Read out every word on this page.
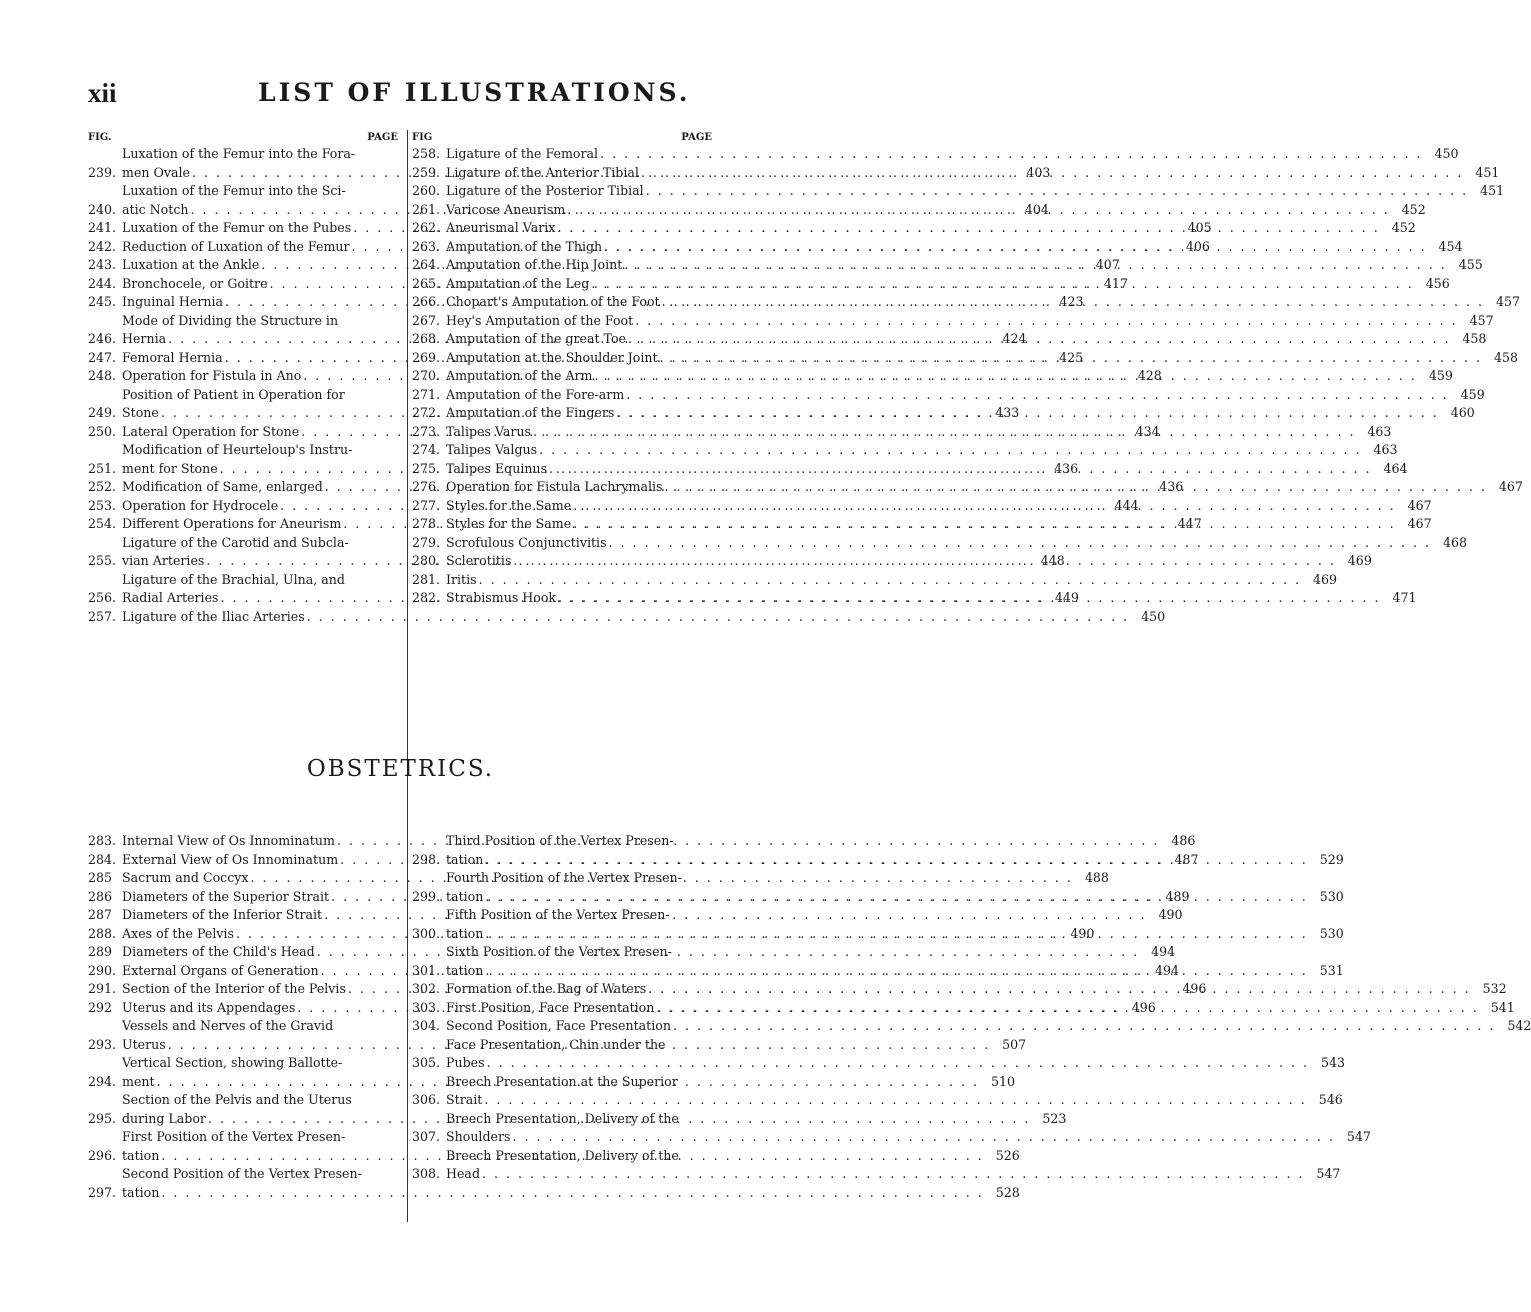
xii	LIST OF ILLUSTRATIONS.
FIG.	PAGE
239.
Luxation of the Femur into the Fora-
men Ovale . . .	403
240.
Luxation of the Femur into the Sci-
atic Notch . . .	404
241. Luxation of the Femur on the Pubes . . .	405
242. Reduction of Luxation of the Femur . . .	406
243. Luxation at the Ankle . . .	407
244. Bronchocele, or Goitre . . .	417
245. Inguinal Hernia . . .	423
246.
Mode of Dividing the Structure in
Hernia . . .	424
247. Femoral Hernia . . .	425
248. Operation for Fistula in Ano . . .	428
249.
Position of Patient in Operation for
Stone . . .	433
250. Lateral Operation for Stone . . .	434
251.
Modification of Heurteloup's Instru-
ment for Stone . . .	436
252. Modification of Same, enlarged . . .	436
253. Operation for Hydrocele . . .	444
254. Different Operations for Aneurism . . .	447
255.
Ligature of the Carotid and Subcla-
vian Arteries . . .	448
256.
Ligature of the Brachial, Ulna, and
Radial Arteries . . .	449
257. Ligature of the Iliac Arteries . . .	450
FIG	PAGE
258. Ligature of the Femoral . . .	450
259. Ligature of the Anterior Tibial . . .	451
260. Ligature of the Posterior Tibial . . .	451
261. Varicose Aneurism . . .	452
262. Aneurismal Varix . . .	452
263. Amputation of the Thigh . . .	454
264. Amputation of the Hip Joint . . .	455
265. Amputation of the Leg . . .	456
266. Chopart's Amputation of the Foot . . .	457
267. Hey's Amputation of the Foot . . .	457
268. Amputation of the great Toe . . .	458
269. Amputation at the Shoulder Joint . . .	458
270. Amputation of the Arm . . .	459
271. Amputation of the Fore-arm . . .	459
272. Amputation of the Fingers . . .	460
273. Talipes Varus . . .	463
274. Talipes Valgus . . .	463
275. Talipes Equinus . . .	464
276. Operation for Fistula Lachrymalis . . .	467
277. Styles for the Same . . .	467
278. Styles for the Same . . .	467
279. Scrofulous Conjunctivitis . . .	468
280. Sclerotitis . . .	469
281. Iritis . . .	469
282. Strabismus Hook . . .	471
OBSTETRICS.
283. Internal View of Os Innominatum . . .	486
284. External View of Os Innominatum . . .	487
285 Sacrum and Coccyx . . .	488
286 Diameters of the Superior Strait . . .	489
287 Diameters of the Inferior Strait . . .	490
288. Axes of the Pelvis . . .	490
289 Diameters of the Child's Head . . .	494
290. External Organs of Generation . . .	494
291. Section of the Interior of the Pelvis . . .	496
292 Uterus and its Appendages . . .	496
293.
Vessels and Nerves of the Gravid
Uterus . . .	507
294.
Vertical Section, showing Ballotte-
ment . . .	510
295.
Section of the Pelvis and the Uterus
during Labor . . .	523
296.
First Position of the Vertex Presen-
tation . . .	526
297.
Second Position of the Vertex Presen-
tation . . .	528
298.
Third Position of the Vertex Presen-
tation . . .	529
299.
Fourth Position of the Vertex Presen-
tation . . .	530
300.
Fifth Position of the Vertex Presen-
tation . . .	530
301.
Sixth Position of the Vertex Presen-
tation . . .	531
302. Formation of the Bag of Waters . . .	532
303. First Position, Face Presentation . . .	541
304. Second Position, Face Presentation . . .	542
305.
Face Presentation, Chin under the
Pubes . . .	543
306.
Breech Presentation at the Superior
Strait . . .	546
307.
Breech Presentation, Delivery of the
Shoulders . . .	547
308.
Breech Presentation, Delivery of the
Head . . .	547
